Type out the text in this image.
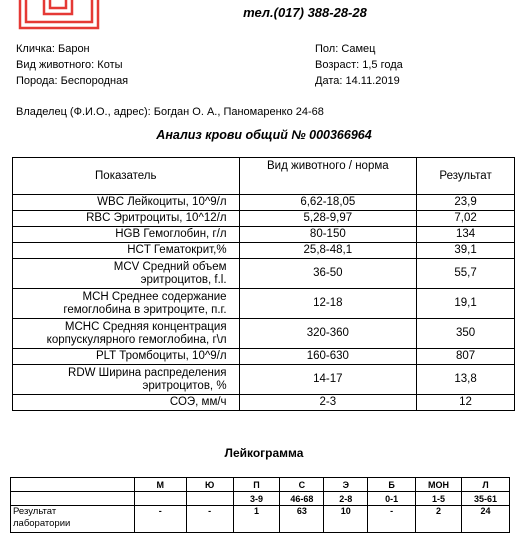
тел.(017) 388-28-28
Кличка: Барон
Вид животного: Коты
Порода: Беспородная
Пол: Самец
Возраст: 1,5 года
Дата: 14.11.2019
Владелец (Ф.И.О., адрес): Богдан О. А., Паномаренко 24-68
Анализ крови общий № 000366964
Показатель	Вид животного / норма	Результат
WBC Лейкоциты, 10^9/л	6,62-18,05	23,9
RBC Эритроциты, 10^12/л	5,28-9,97	7,02
HGB Гемоглобин, г/л	80-150	134
HCT Гематокрит,%	25,8-48,1	39,1
MCV Средний объем
эритроцитов, f.l.	36-50	55,7
MCH Среднее содержание
гемоглобина в эритроците, п.г.	12-18	19,1
MCHC Средняя концентрация
корпускулярного гемоглобина, г\л	320-360	350
PLT Тромбоциты, 10^9/л	160-630	807
RDW Ширина распределения
эритроцитов, %	14-17	13,8
СОЭ, мм/ч	2-3	12
Лейкограмма
	М	Ю	П	С	Э	Б	МОН	Л
			3-9	46-68	2-8	0-1	1-5	35-61
Результат
лаборатории	-	-	1	63	10	-	2	24
